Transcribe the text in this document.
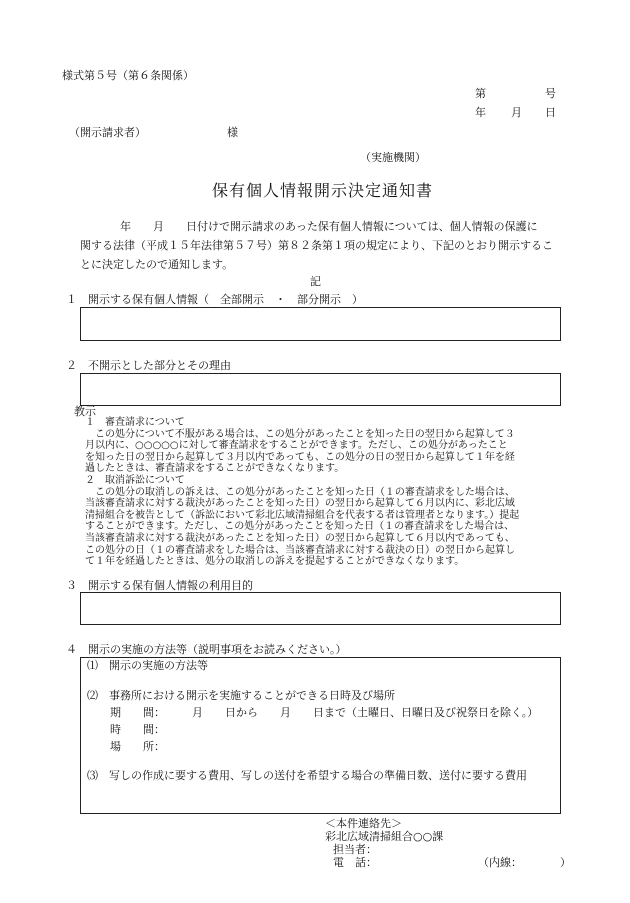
様式第５号（第６条関係）
第	号
年 月 日
（開示請求者）	様
（実施機関）
保有個人情報開示決定通知書
年 月 日付けで開示請求のあった保有個人情報については、個人情報の保護に
関する法律（平成１５年法律第５７号）第８２条第１項の規定により、下記のとおり開示するこ
とに決定したので通知します。
記
１　開示する保有個人情報（　全部開示　・　部分開示　）
２　不開示とした部分とその理由
教示

１　審査請求について

この処分について不服がある場合は、この処分があったことを知った日の翌日から起算して３

月以内に、○○○○○に対して審査請求をすることができます。ただし、この処分があったこと

を知った日の翌日から起算して３月以内であっても、この処分の日の翌日から起算して１年を経

過したときは、審査請求をすることができなくなります。

２　取消訴訟について

この処分の取消しの訴えは、この処分があったことを知った日（１の審査請求をした場合は、

当該審査請求に対する裁決があったことを知った日）の翌日から起算して６月以内に、彩北広域

清掃組合を被告として（訴訟において彩北広域清掃組合を代表する者は管理者となります。）提起

することができます。ただし、この処分があったことを知った日（１の審査請求をした場合は、

当該審査請求に対する裁決があったことを知った日）の翌日から起算して６月以内であっても、

この処分の日（１の審査請求をした場合は、当該審査請求に対する裁決の日）の翌日から起算し

て１年を経過したときは、処分の取消しの訴えを提起することができなくなります。

３　開示する保有個人情報の利用目的
４　開示の実施の方法等（説明事項をお読みください。）
⑴　開示の実施の方法等
⑵　事務所における開示を実施することができる日時及び場所
期　　間： 月 日から 月 日まで（土曜日、日曜日及び祝祭日を除く。）
時　　間：
場　　所：
⑶　写しの作成に要する費用、写しの送付を希望する場合の準備日数、送付に要する費用
＜本件連絡先＞
彩北広域清掃組合○○課
担当者：
電　話：	（内線：	）
